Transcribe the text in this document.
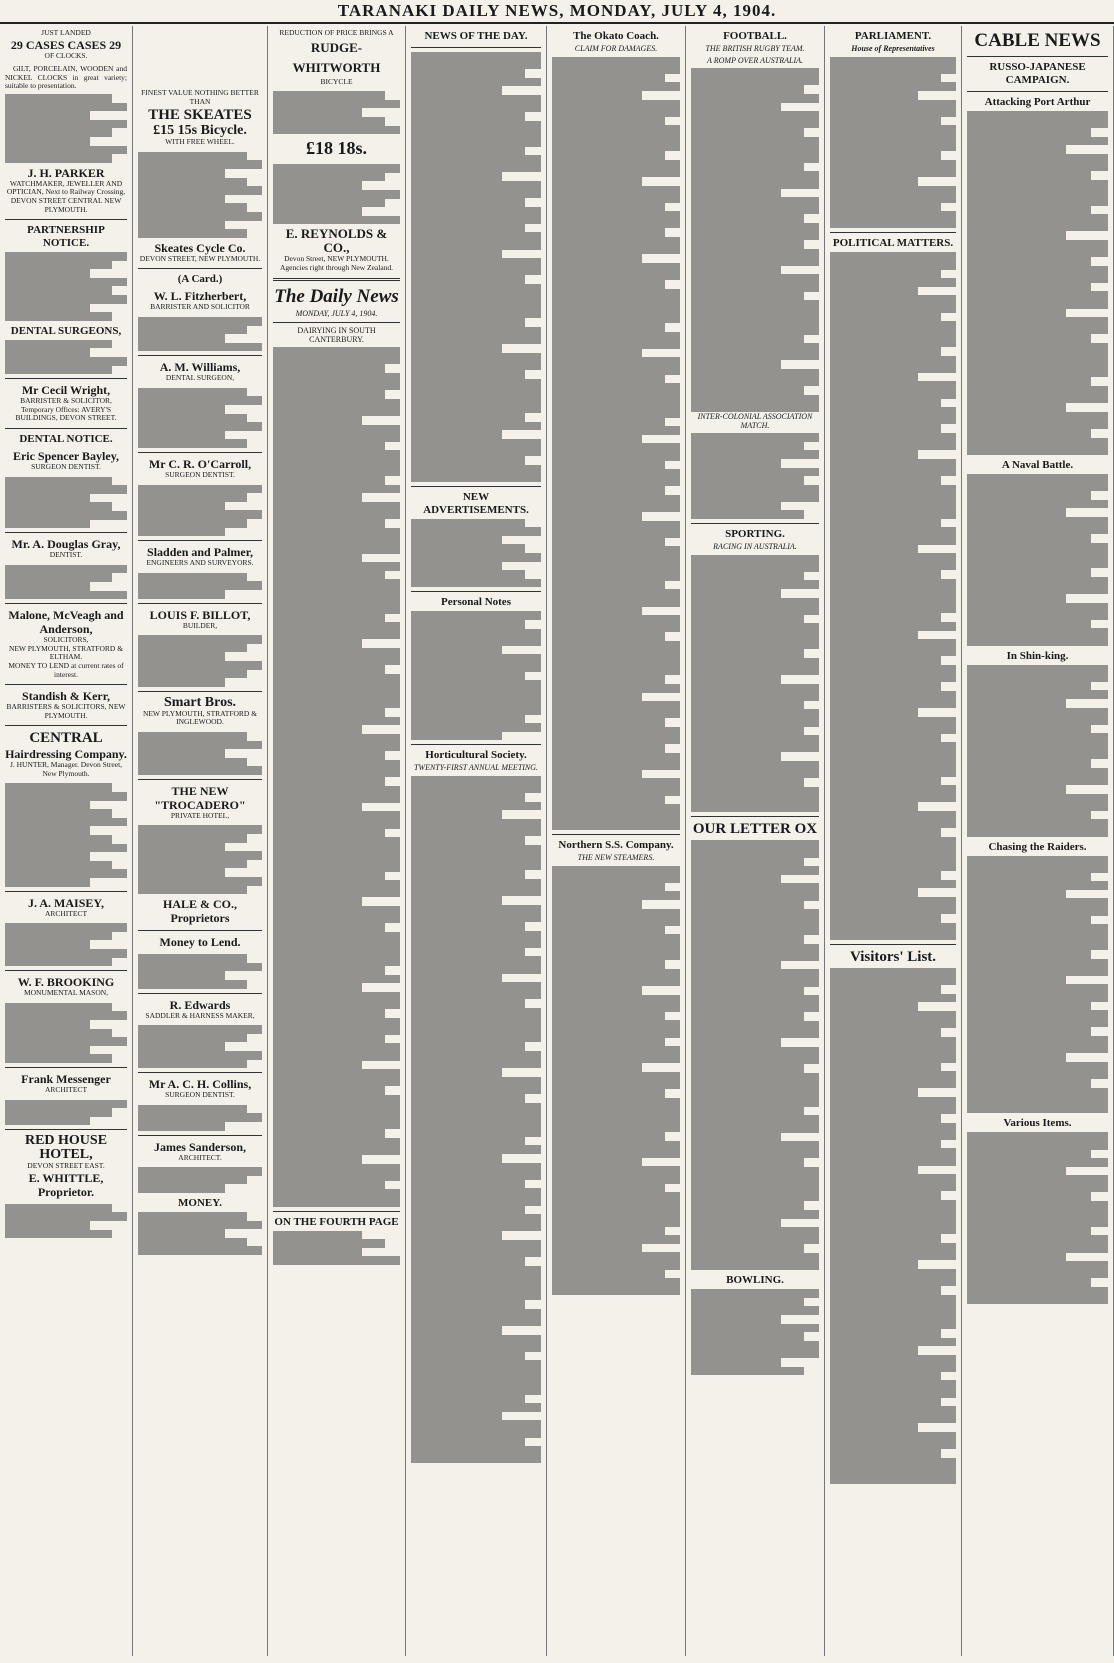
TARANAKI DAILY NEWS, MONDAY, JULY 4, 1904.
JUST LANDED
29 CASES CASES 29
OF CLOCKS.

GILT, PORCELAIN, WOODEN and NICKEL CLOCKS in great variety; suitable to presentation.

J. H. PARKER
WATCHMAKER, JEWELLER AND OPTICIAN, Next to Railway Crossing, DEVON STREET CENTRAL NEW PLYMOUTH.
PARTNERSHIP NOTICE.
DENTAL SURGEONS,
Mr Cecil Wright,
BARRISTER & SOLICITOR,
Temporary Offices: AVERY'S BUILDINGS, DEVON STREET.
DENTAL NOTICE.
Eric Spencer Bayley,
SURGEON DENTIST.
Mr. A. Douglas Gray,
DENTIST.
Malone, McVeagh and Anderson,
SOLICITORS,
NEW PLYMOUTH, STRATFORD & ELTHAM.
MONEY TO LEND at current rates of interest.
Standish & Kerr,
BARRISTERS & SOLICITORS, NEW PLYMOUTH.
CENTRAL
Hairdressing Company.
J. HUNTER, Manager. Devon Street, New Plymouth.
J. A. MAISEY,
ARCHITECT
W. F. BROOKING
MONUMENTAL MASON,
Frank Messenger
ARCHITECT
RED HOUSE HOTEL,
DEVON STREET EAST.
E. WHITTLE, Proprietor.
FINEST VALUE NOTHING BETTER THAN
THE SKEATES
£15 15s Bicycle.
WITH FREE WHEEL.
Skeates Cycle Co.
DEVON STREET, NEW PLYMOUTH.
(A Card.)
W. L. Fitzherbert,
BARRISTER AND SOLICITOR
A. M. Williams,
DENTAL SURGEON,
Mr C. R. O'Carroll,
SURGEON DENTIST.
Sladden and Palmer,
ENGINEERS AND SURVEYORS.
LOUIS F. BILLOT,
BUILDER,
Smart Bros.
NEW PLYMOUTH, STRATFORD & INGLEWOOD.
THE NEW "TROCADERO"
PRIVATE HOTEL,
HALE & CO., Proprietors
Money to Lend.
R. Edwards
SADDLER & HARNESS MAKER,
Mr A. C. H. Collins,
SURGEON DENTIST.
James Sanderson,
ARCHITECT.
MONEY.
REDUCTION OF PRICE BRINGS A
RUDGE-WHITWORTH
BICYCLE
£18 18s.
E. REYNOLDS & CO.,
Devon Street, NEW PLYMOUTH.
Agencies right through New Zealand.
The Daily News
MONDAY, JULY 4, 1904.
DAIRYING IN SOUTH CANTERBURY.
ON THE FOURTH PAGE
NEWS OF THE DAY.
NEW ADVERTISEMENTS.
Personal Notes
Horticultural Society.
TWENTY-FIRST ANNUAL MEETING.
The Okato Coach.
CLAIM FOR DAMAGES.
Northern S.S. Company.
THE NEW STEAMERS.
FOOTBALL.
THE BRITISH RUGBY TEAM.
A ROMP OVER AUSTRALIA.
INTER-COLONIAL ASSOCIATION MATCH.
SPORTING.
RACING IN AUSTRALIA.
OUR LETTER OX
BOWLING.
PARLIAMENT.
House of Representatives
POLITICAL MATTERS.
Visitors' List.
CABLE NEWS
RUSSO-JAPANESE CAMPAIGN.
Attacking Port Arthur
A Naval Battle.
In Shin-king.
Chasing the Raiders.
Various Items.
